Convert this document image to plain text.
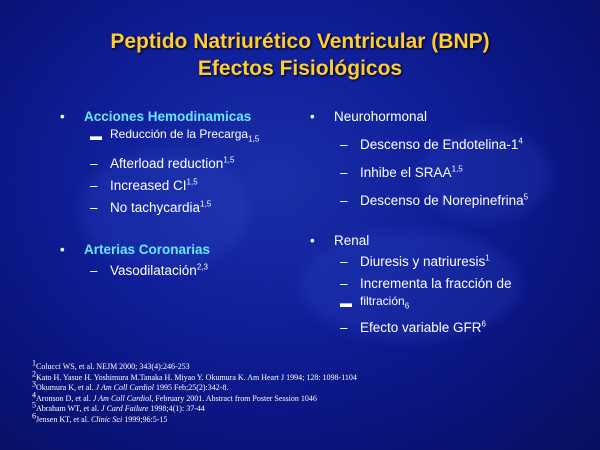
Peptido Natriurético Ventricular (BNP)
Efectos Fisiológicos
• Acciones Hemodinamicas
▬ Reducción de la Precarga$_{1,5}$
– Afterload reduction$^{1,5}$
– Increased CI$^{1,5}$
– No tachycardia$^{1,5}$
• Arterias Coronarias
– Vasodilatación$^{2,3}$
• Neurohormonal
– Descenso de Endotelina-$1^4$
– Inhibe el SRAA$^{1,5}$
– Descenso de Norepinefrina$^5$
• Renal
– Diuresis y natriuresis$^1$
– Incrementa la fracción de
▬ filtración$_6$
– Efecto variable GFR$^6$
$^1$Colucci WS, et al. NEJM 2000; 343(4):246-253
$^2$Kato H. Yasue H. Yoshimura M.Tanaka H. Miyao Y. Okumura K. Am Heart J 1994; 128: 1098-1104
$^3$Okumura K, et al. J Am Coll Cardiol 1995 Feb;25(2):342-8.
$^4$Aronson D, et al. J Am Coll Cardiol, February 2001. Abstract from Poster Session 1046
$^5$Abraham WT, et al. J Card Failure 1998;4(1): 37-44
$^6$Jensen KT, et al. Clinic Sci 1999;96:5-15
